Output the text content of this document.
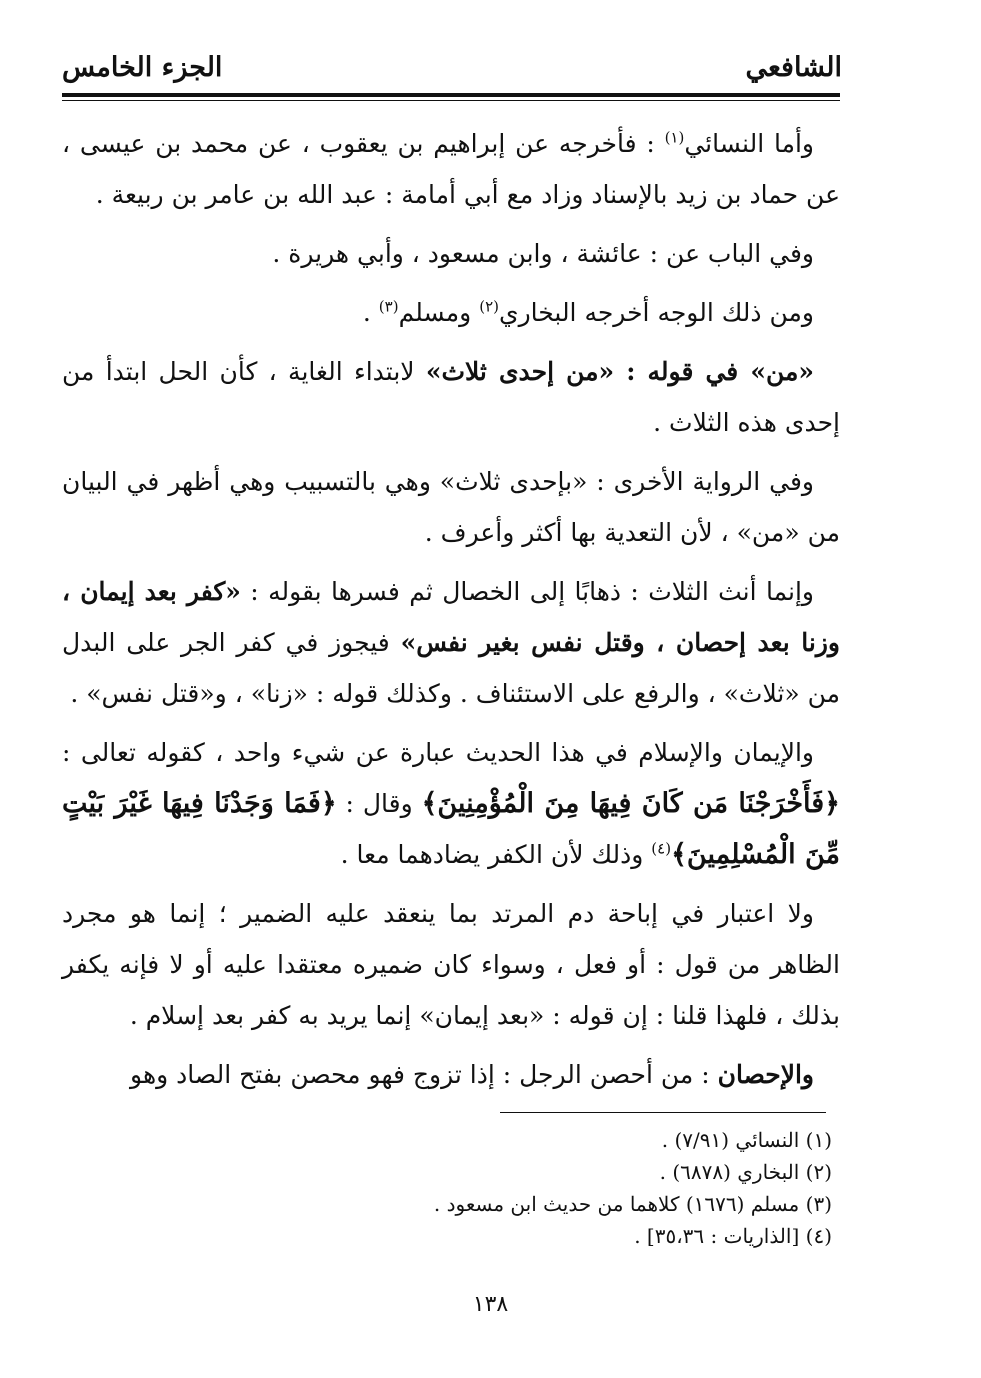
الشافعي
الجزء الخامس

وأما النسائي$^{(١)}$ : فأخرجه عن إبراهيم بن يعقوب ، عن محمد بن عيسى ، عن حماد بن زيد بالإسناد وزاد مع أبي أمامة : عبد الله بن عامر بن ربيعة .

وفي الباب عن : عائشة ، وابن مسعود ، وأبي هريرة .

ومن ذلك الوجه أخرجه البخاري$^{(٢)}$ ومسلم$^{(٣)}$ .

«من» في قوله : «من إحدى ثلاث» لابتداء الغاية ، كأن الحل ابتدأ من إحدى هذه الثلاث .

وفي الرواية الأخرى : «بإحدى ثلاث» وهي بالتسبيب وهي أظهر في البيان من «من» ، لأن التعدية بها أكثر وأعرف .

وإنما أنث الثلاث : ذهابًا إلى الخصال ثم فسرها بقوله : «كفر بعد إيمان ، وزنا بعد إحصان ، وقتل نفس بغير نفس» فيجوز في كفر الجر على البدل من «ثلاث» ، والرفع على الاستئناف . وكذلك قوله : «زنا» ، و«قتل نفس» .

والإيمان والإسلام في هذا الحديث عبارة عن شيء واحد ، كقوله تعالى : ﴿فَأَخْرَجْنَا مَن كَانَ فِيهَا مِنَ الْمُؤْمِنِينَ﴾ وقال : ﴿فَمَا وَجَدْنَا فِيهَا غَيْرَ بَيْتٍ مِّنَ الْمُسْلِمِينَ﴾$^{(٤)}$ وذلك لأن الكفر يضادهما معا .

ولا اعتبار في إباحة دم المرتد بما ينعقد عليه الضمير ؛ إنما هو مجرد الظاهر من قول : أو فعل ، وسواء كان ضميره معتقدا عليه أو لا فإنه يكفر بذلك ، فلهذا قلنا : إن قوله : «بعد إيمان» إنما يريد به كفر بعد إسلام .

والإحصان : من أحصن الرجل : إذا تزوج فهو محصن بفتح الصاد وهو

(١) النسائي (٧/٩١) .
(٢) البخاري (٦٨٧٨) .
(٣) مسلم (١٦٧٦) كلاهما من حديث ابن مسعود .
(٤) [الذاريات : ٣٥،٣٦] .
١٣٨
